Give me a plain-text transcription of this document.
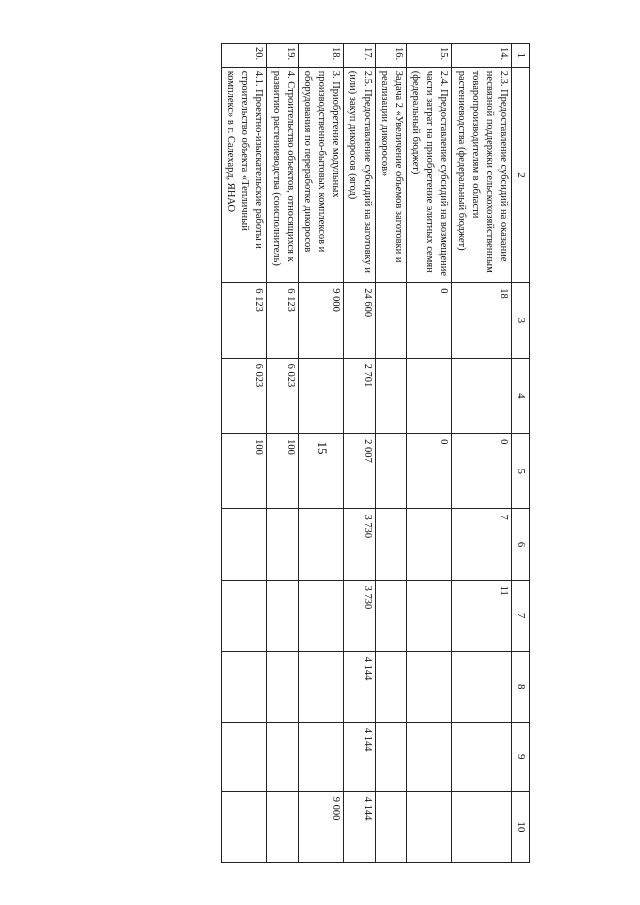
15
1	2	3	4	5	6	7	8	9	10
14.	2.3. Предоставление субсидий на оказание несвязной поддержки сельскохозяйственным товаропроизводителям в области растениеводства (федеральный бюджет)	18		0	7	11			
15.	2.4. Предоставление субсидий на возмещение части затрат на приобретение элитных семян (федеральный бюджет)	0		0					
16.	Задача 2 «Увеличение объемов заготовки и реализации дикоросов»								
17.	2.5. Предоставление субсидий на заготовку и (или) закуп дикоросов (ягод)	24 600	2 701	2 007	3 730	3 730	4 144	4 144	4 144
18.	3. Приобретение модульных производственно-бытовых комплексов и оборудования по переработке дикоросов	9 000							9 000
19.	4. Строительство объектов, относящихся к развитию растениеводства (соисполнитель)	6 123	6 023	100					
20.	4.1. Проектно-изыскательские работы и строительство объекта «Тепличный комплекс» в г. Салехард, ЯНАО	6 123	6 023	100					
